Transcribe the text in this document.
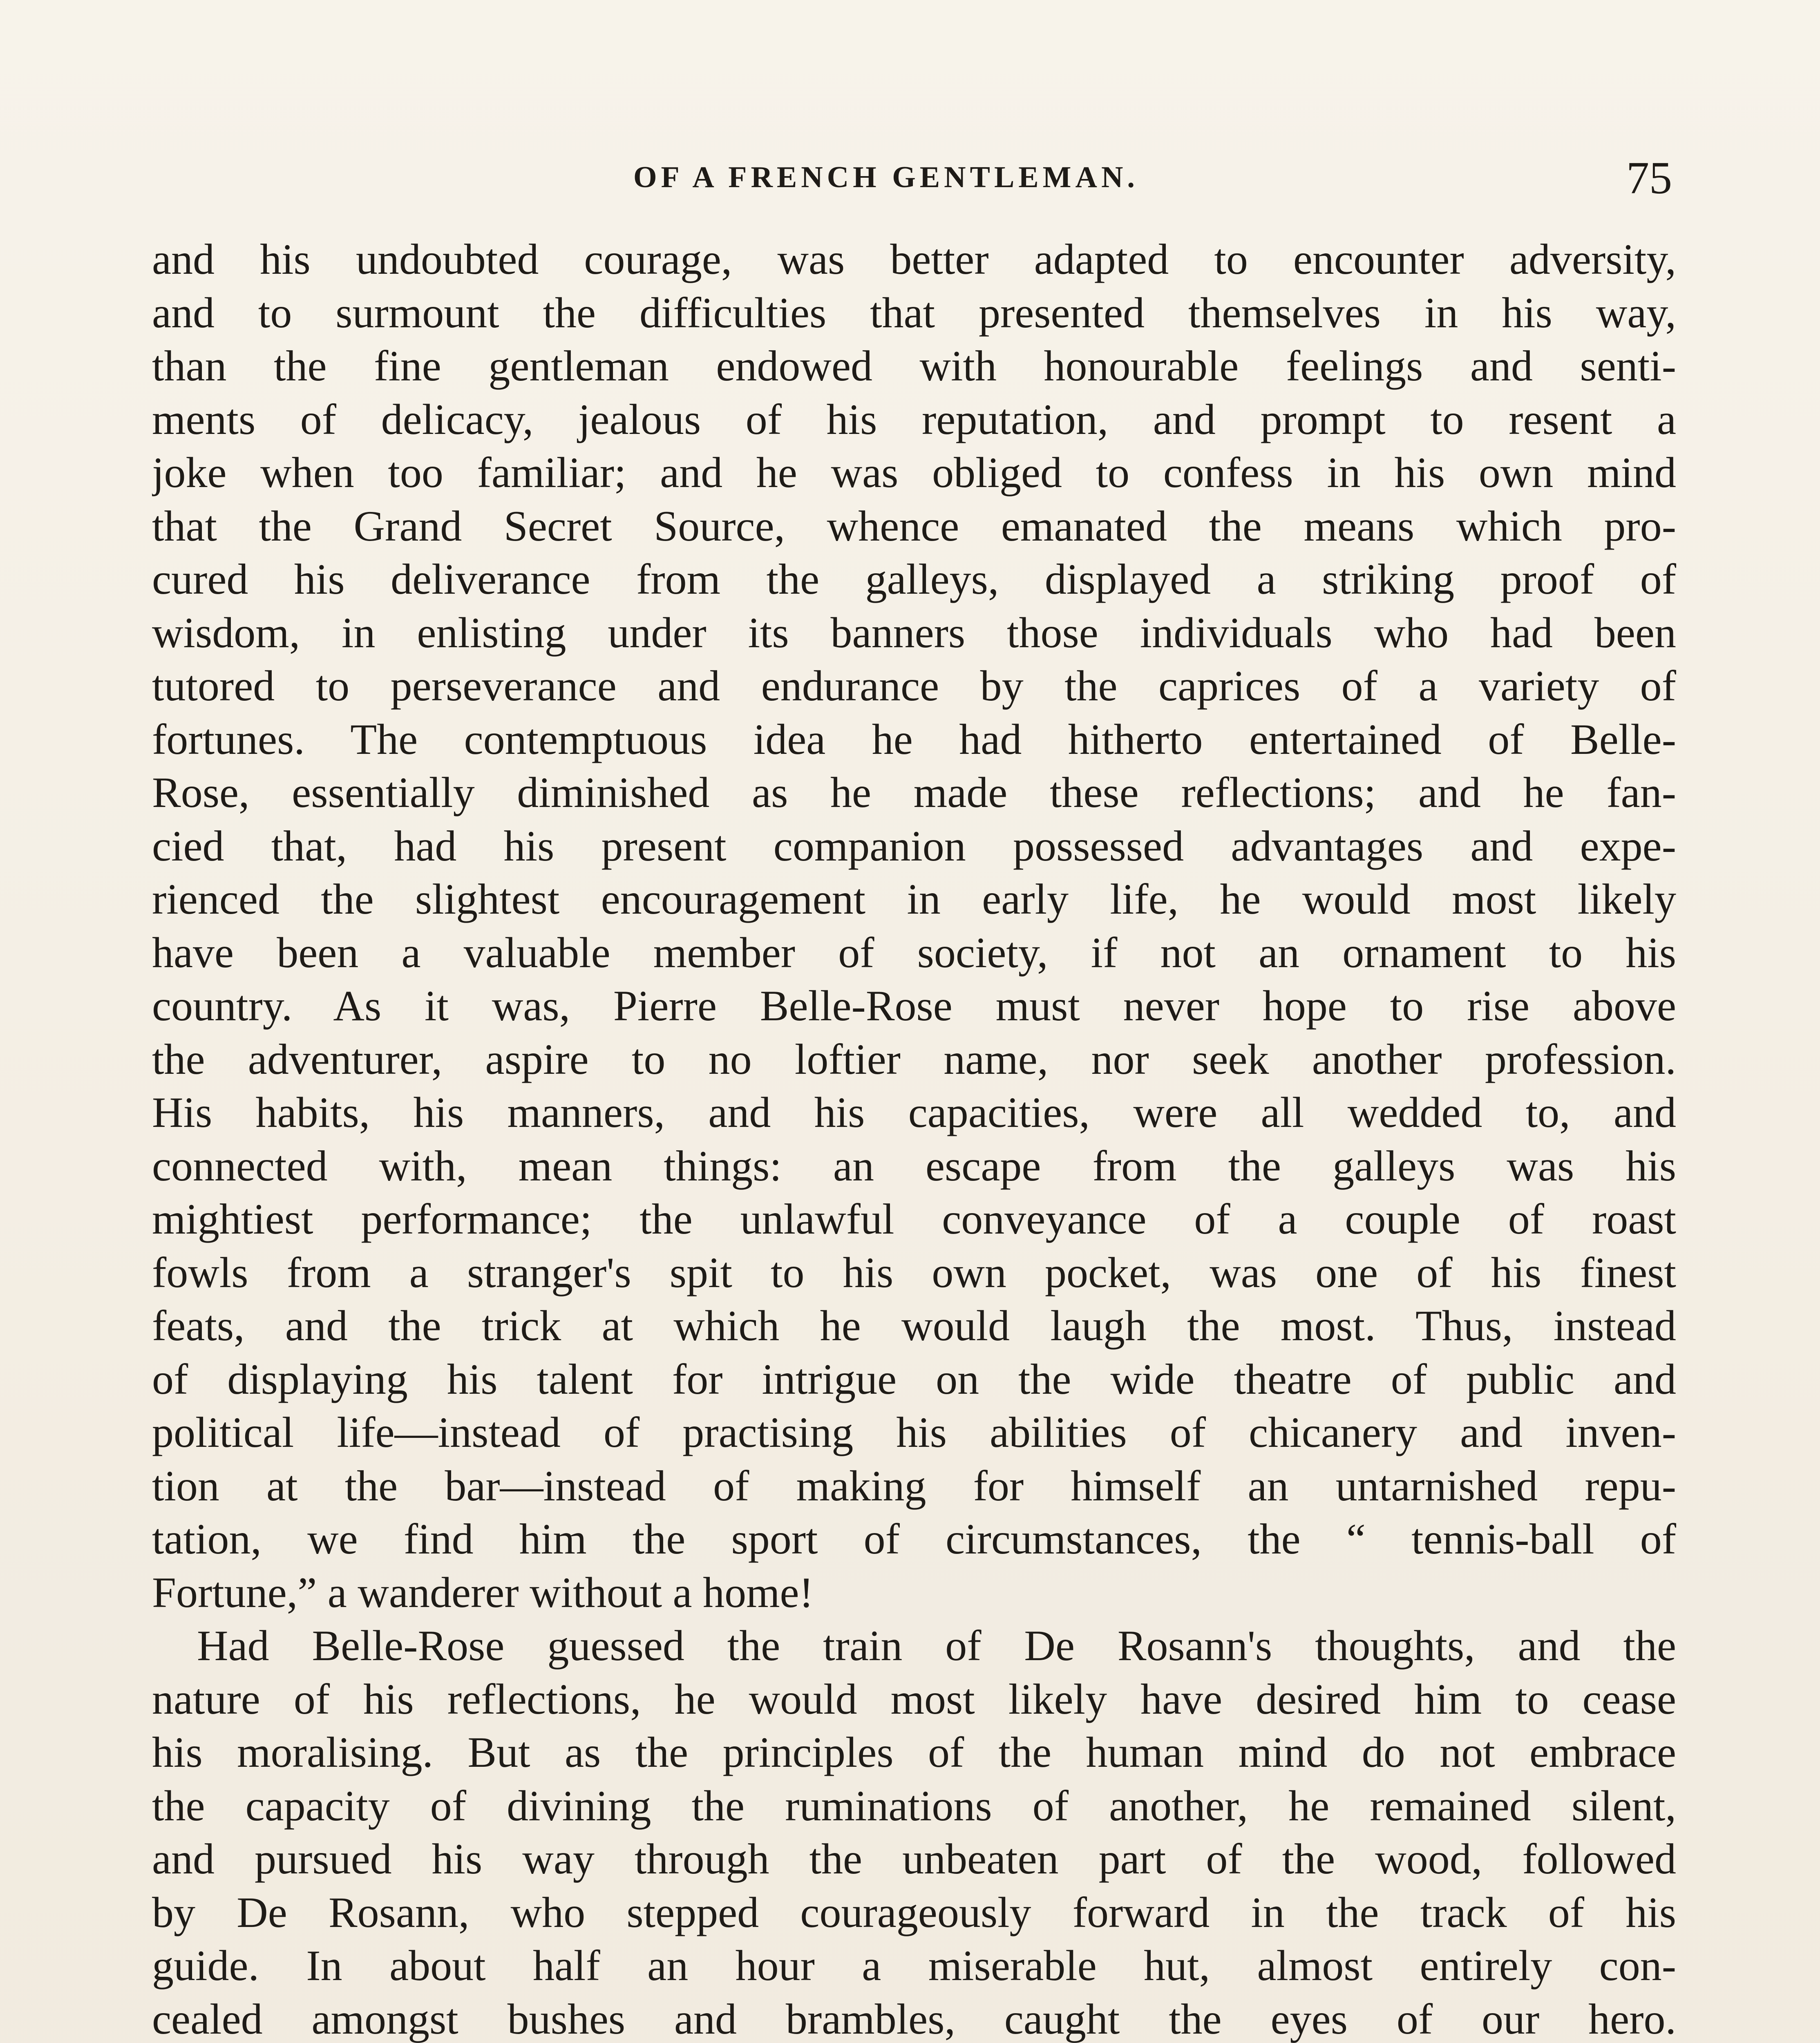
OF A FRENCH GENTLEMAN.	75
and his undoubted courage, was better adapted to encounter adversity,
and to surmount the difficulties that presented themselves in his way,
than the fine gentleman endowed with honourable feelings and senti-
ments of delicacy, jealous of his reputation, and prompt to resent a
joke when too familiar; and he was obliged to confess in his own mind
that the Grand Secret Source, whence emanated the means which pro-
cured his deliverance from the galleys, displayed a striking proof of
wisdom, in enlisting under its banners those individuals who had been
tutored to perseverance and endurance by the caprices of a variety of
fortunes. The contemptuous idea he had hitherto entertained of Belle-
Rose, essentially diminished as he made these reflections; and he fan-
cied that, had his present companion possessed advantages and expe-
rienced the slightest encouragement in early life, he would most likely
have been a valuable member of society, if not an ornament to his
country. As it was, Pierre Belle-Rose must never hope to rise above
the adventurer, aspire to no loftier name, nor seek another profession.
His habits, his manners, and his capacities, were all wedded to, and
connected with, mean things: an escape from the galleys was his
mightiest performance; the unlawful conveyance of a couple of roast
fowls from a stranger's spit to his own pocket, was one of his finest
feats, and the trick at which he would laugh the most. Thus, instead
of displaying his talent for intrigue on the wide theatre of public and
political life—instead of practising his abilities of chicanery and inven-
tion at the bar—instead of making for himself an untarnished repu-
tation, we find him the sport of circumstances, the “ tennis-ball of
Fortune,” a wanderer without a home!
Had Belle-Rose guessed the train of De Rosann's thoughts, and the
nature of his reflections, he would most likely have desired him to cease
his moralising. But as the principles of the human mind do not embrace
the capacity of divining the ruminations of another, he remained silent,
and pursued his way through the unbeaten part of the wood, followed
by De Rosann, who stepped courageously forward in the track of his
guide. In about half an hour a miserable hut, almost entirely con-
cealed amongst bushes and brambles, caught the eyes of our hero.
